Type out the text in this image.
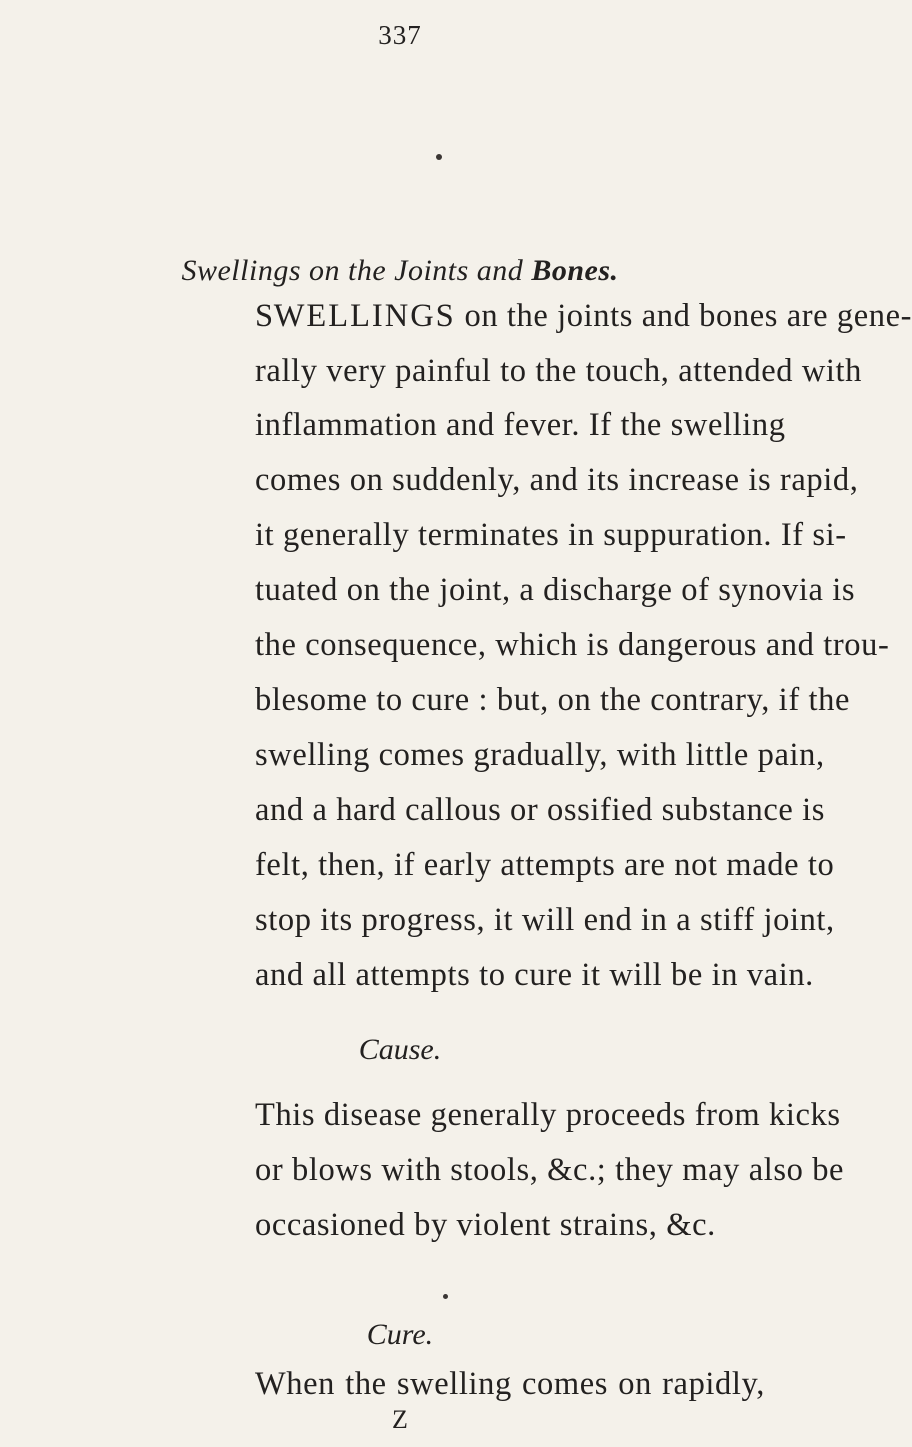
337
Swellings on the Joints and Bones.
SWELLINGS on the joints and bones are gene-
rally very painful to the touch, attended with
inflammation and fever. If the swelling
comes on suddenly, and its increase is rapid,
it generally terminates in suppuration. If si-
tuated on the joint, a discharge of synovia is
the consequence, which is dangerous and trou-
blesome to cure : but, on the contrary, if the
swelling comes gradually, with little pain,
and a hard callous or ossified substance is
felt, then, if early attempts are not made to
stop its progress, it will end in a stiff joint,
and all attempts to cure it will be in vain.
Cause.
This disease generally proceeds from kicks
or blows with stools, &c.; they may also be
occasioned by violent strains, &c.
Cure.
When the swelling comes on rapidly,
Z
